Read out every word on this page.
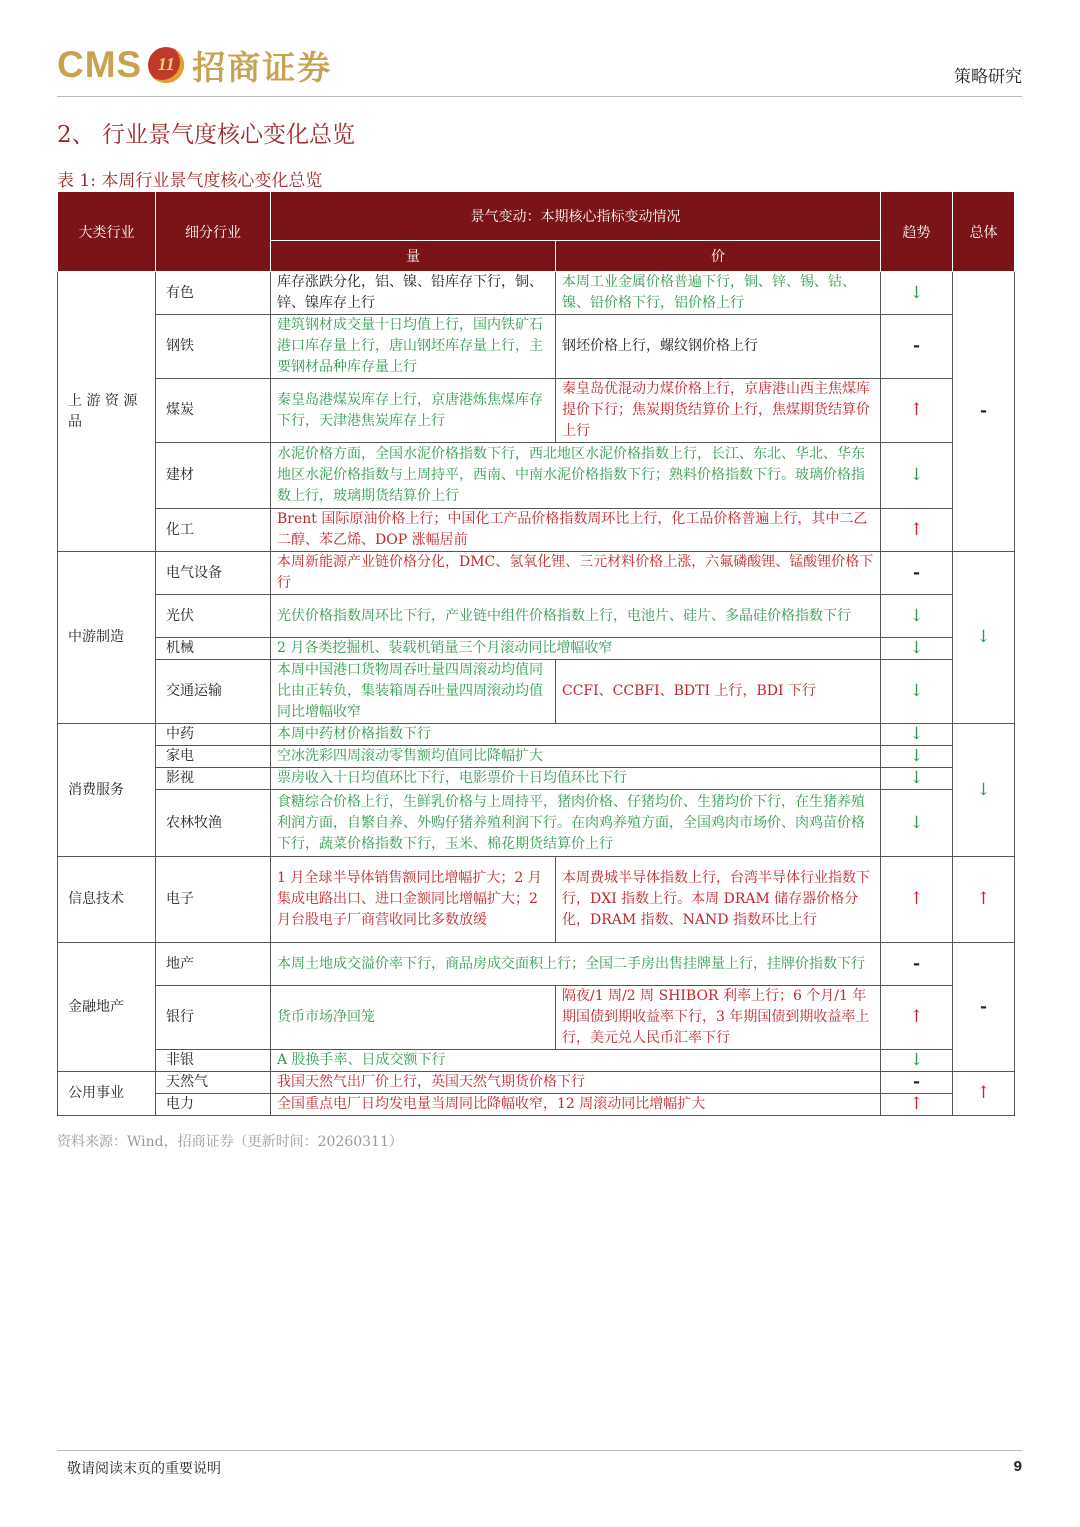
CMS 11 招商证券	策略研究
2、 行业景气度核心变化总览
表 1: 本周行业景气度核心变化总览
大类行业	细分行业	景气变动：本期核心指标变动情况		趋势	总体
		量	价		
上 游 资 源 品	有色	库存涨跌分化，铝、镍、铅库存下行，铜、锌、镍库存上行	本周工业金属价格普遍下行，铜、锌、锡、钴、镍、铅价格下行，铝价格上行	↓	-
	钢铁	建筑钢材成交量十日均值上行，国内铁矿石港口库存量上行，唐山钢坯库存量上行，主要钢材品种库存量上行	钢坯价格上行，螺纹钢价格上行	-	
	煤炭	秦皇岛港煤炭库存上行，京唐港炼焦煤库存下行，天津港焦炭库存上行	秦皇岛优混动力煤价格上行，京唐港山西主焦煤库提价下行；焦炭期货结算价上行，焦煤期货结算价上行	↑	
	建材	水泥价格方面，全国水泥价格指数下行，西北地区水泥价格指数上行，长江、东北、华北、华东地区水泥价格指数与上周持平，西南、中南水泥价格指数下行；熟料价格指数下行。玻璃价格指数上行，玻璃期货结算价上行		↓	
	化工	Brent 国际原油价格上行；中国化工产品价格指数周环比上行，化工品价格普遍上行，其中二乙二醇、苯乙烯、DOP 涨幅居前		↑	
中游制造	电气设备	本周新能源产业链价格分化，DMC、氢氧化锂、三元材料价格上涨，六氟磷酸锂、锰酸锂价格下行		-	↓
	光伏	光伏价格指数周环比下行，产业链中组件价格指数上行，电池片、硅片、多晶硅价格指数下行		↓	
	机械	2 月各类挖掘机、装载机销量三个月滚动同比增幅收窄		↓	
	交通运输	本周中国港口货物周吞吐量四周滚动均值同比由正转负，集装箱周吞吐量四周滚动均值同比增幅收窄	CCFI、CCBFI、BDTI 上行，BDI 下行	↓	
消费服务	中药	本周中药材价格指数下行		↓	↓
	家电	空冰洗彩四周滚动零售额均值同比降幅扩大		↓	
	影视	票房收入十日均值环比下行，电影票价十日均值环比下行		↓	
	农林牧渔	食糖综合价格上行，生鲜乳价格与上周持平，猪肉价格、仔猪均价、生猪均价下行，在生猪养殖利润方面，自繁自养、外购仔猪养殖利润下行。在肉鸡养殖方面，全国鸡肉市场价、肉鸡苗价格下行，蔬菜价格指数下行，玉米、棉花期货结算价上行		↓	
信息技术	电子	1 月全球半导体销售额同比增幅扩大；2 月集成电路出口、进口金额同比增幅扩大；2 月台股电子厂商营收同比多数放缓	本周费城半导体指数上行，台湾半导体行业指数下行，DXI 指数上行。本周 DRAM 储存器价格分化，DRAM 指数、NAND 指数环比上行	↑	↑
金融地产	地产	本周土地成交溢价率下行，商品房成交面积上行；全国二手房出售挂牌量上行，挂牌价指数下行		-	-
	银行	货币市场净回笼	隔夜/1 周/2 周 SHIBOR 利率上行；6 个月/1 年期国债到期收益率下行，3 年期国债到期收益率上行，美元兑人民币汇率下行	↑	
	非银	A 股换手率、日成交额下行		↓	
公用事业	天然气	我国天然气出厂价上行，英国天然气期货价格下行		-	↑
	电力	全国重点电厂日均发电量当周同比降幅收窄，12 周滚动同比增幅扩大		↑	
资料来源：Wind，招商证券（更新时间：20260311）
敬请阅读末页的重要说明	9
